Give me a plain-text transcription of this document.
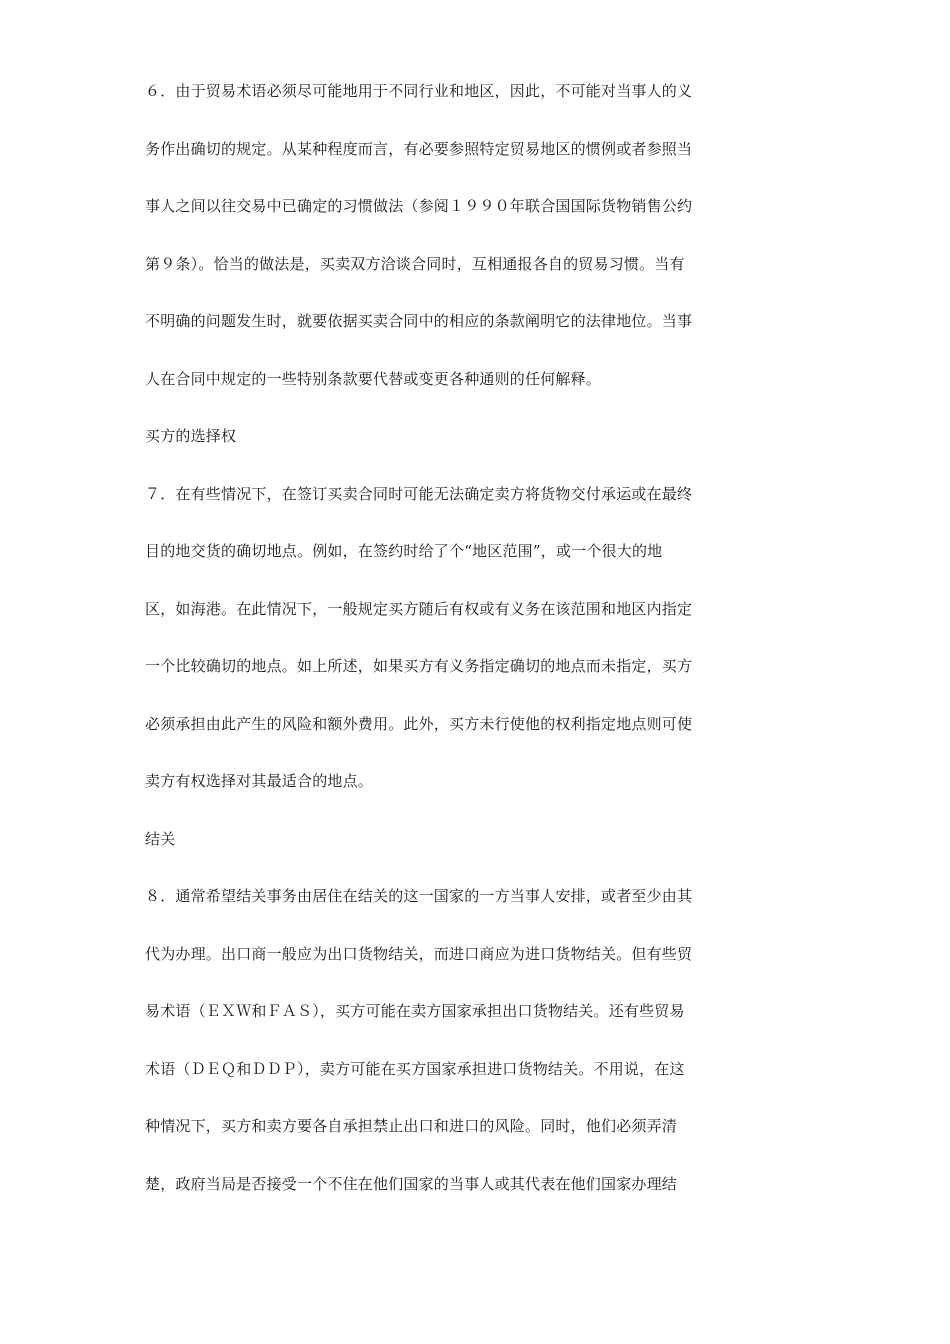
６．由于贸易术语必须尽可能地用于不同行业和地区，因此，不可能对当事人的义
务作出确切的规定。从某种程度而言，有必要参照特定贸易地区的惯例或者参照当
事人之间以往交易中已确定的习惯做法（参阅１９９０年联合国国际货物销售公约
第９条）。恰当的做法是，买卖双方洽谈合同时，互相通报各自的贸易习惯。当有
不明确的问题发生时，就要依据买卖合同中的相应的条款阐明它的法律地位。当事
人在合同中规定的一些特别条款要代替或变更各种通则的任何解释。
买方的选择权
７．在有些情况下，在签订买卖合同时可能无法确定卖方将货物交付承运或在最终
目的地交货的确切地点。例如，在签约时给了个“地区范围”，或一个很大的地
区，如海港。在此情况下，一般规定买方随后有权或有义务在该范围和地区内指定
一个比较确切的地点。如上所述，如果买方有义务指定确切的地点而未指定，买方
必须承担由此产生的风险和额外费用。此外，买方未行使他的权利指定地点则可使
卖方有权选择对其最适合的地点。
结关
８．通常希望结关事务由居住在结关的这一国家的一方当事人安排，或者至少由其
代为办理。出口商一般应为出口货物结关，而进口商应为进口货物结关。但有些贸
易术语（ＥＸＷ和ＦＡＳ），买方可能在卖方国家承担出口货物结关。还有些贸易
术语（ＤＥＱ和ＤＤＰ），卖方可能在买方国家承担进口货物结关。不用说，在这
种情况下，买方和卖方要各自承担禁止出口和进口的风险。同时，他们必须弄清
楚，政府当局是否接受一个不住在他们国家的当事人或其代表在他们国家办理结
